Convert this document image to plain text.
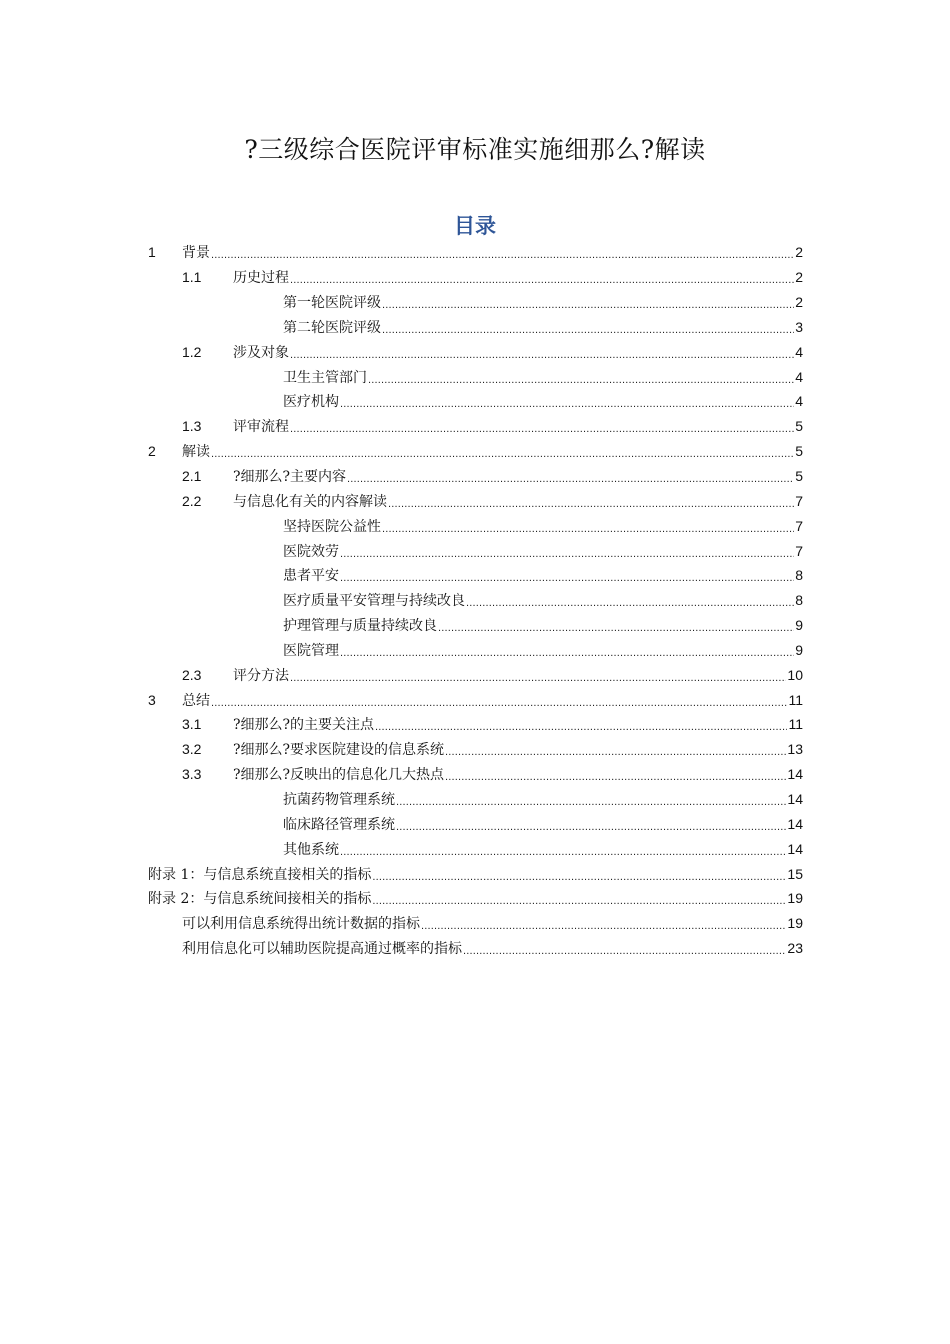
?三级综合医院评审标准实施细那么?解读
目录
1 背景 .....	2
1.1 历史过程 .....	2
第一轮医院评级 .....	2
第二轮医院评级 .....	3
1.2 涉及对象 .....	4
卫生主管部门 .....	4
医疗机构 .....	4
1.3 评审流程 .....	5
2 解读 .....	5
2.1 ?细那么?主要内容 .....	5
2.2 与信息化有关的内容解读 .....	7
坚持医院公益性 .....	7
医院效劳 .....	7
患者平安 .....	8
医疗质量平安管理与持续改良 .....	8
护理管理与质量持续改良 .....	9
医院管理 .....	9
2.3 评分方法 .....	10
3 总结 .....	11
3.1 ?细那么?的主要关注点 .....	11
3.2 ?细那么?要求医院建设的信息系统 .....	13
3.3 ?细那么?反映出的信息化几大热点 .....	14
抗菌药物管理系统 .....	14
临床路径管理系统 .....	14
其他系统 .....	14
附录 1：与信息系统直接相关的指标 .....	15
附录 2：与信息系统间接相关的指标 .....	19
可以利用信息系统得出统计数据的指标 .....	19
利用信息化可以辅助医院提高通过概率的指标 .....	23
